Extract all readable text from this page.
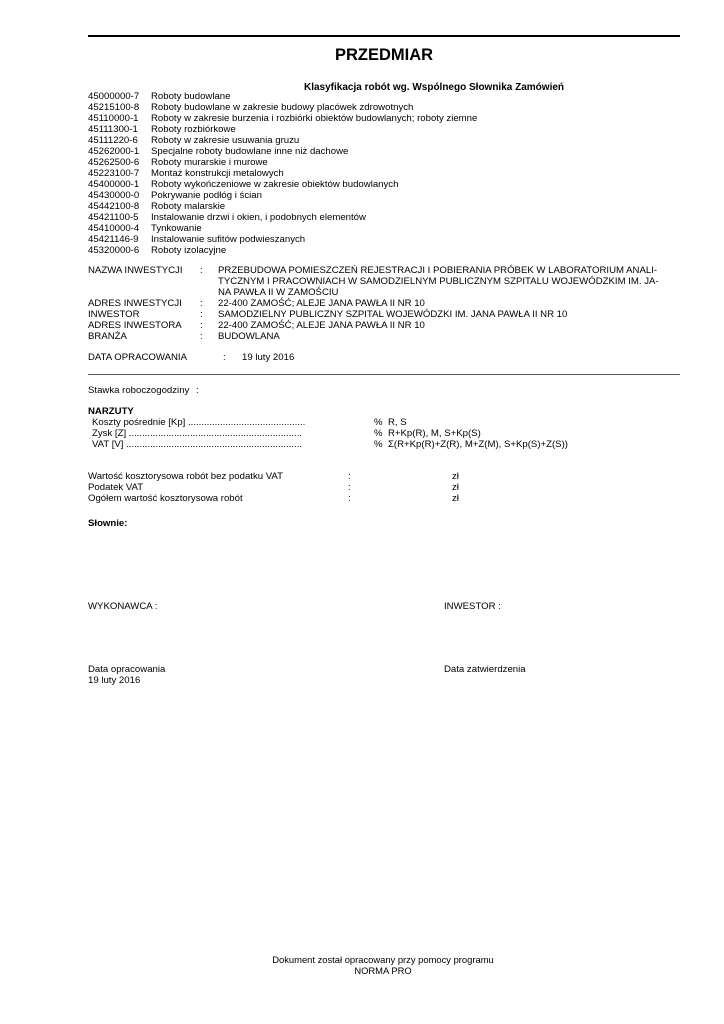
PRZEDMIAR
Klasyfikacja robót wg. Wspólnego Słownika Zamówień
45000000-7 Roboty budowlane
45215100-8 Roboty budowlane w zakresie budowy placówek zdrowotnych
45110000-1 Roboty w zakresie burzenia i rozbiórki obiektów budowlanych; roboty ziemne
45111300-1 Roboty rozbiórkowe
45111220-6 Roboty w zakresie usuwania gruzu
45262000-1 Specjalne roboty budowlane inne niż dachowe
45262500-6 Roboty murarskie i murowe
45223100-7 Montaż konstrukcji metalowych
45400000-1 Roboty wykończeniowe w zakresie obiektów budowlanych
45430000-0 Pokrywanie podłóg i ścian
45442100-8 Roboty malarskie
45421100-5 Instalowanie drzwi i okien, i podobnych elementów
45410000-4 Tynkowanie
45421146-9 Instalowanie sufitów podwieszanych
45320000-6 Roboty izolacyjne
NAZWA INWESTYCJI : PRZEBUDOWA POMIESZCZEŃ REJESTRACJI I POBIERANIA PRÓBEK W LABORATORIUM ANALI-
TYCZNYM I PRACOWNIACH W SAMODZIELNYM PUBLICZNYM SZPITALU WOJEWÓDZKIM IM. JA-
NA PAWŁA II W ZAMOŚCIU
ADRES INWESTYCJI : 22-400 ZAMOŚĆ; ALEJE JANA PAWŁA II NR 10
INWESTOR	: SAMODZIELNY PUBLICZNY SZPITAL WOJEWÓDZKI IM. JANA PAWŁA II NR 10
ADRES INWESTORA : 22-400 ZAMOŚĆ; ALEJE JANA PAWŁA II NR 10
BRANŻA	: BUDOWLANA
DATA OPRACOWANIA	: 19 luty 2016
Stawka roboczogodziny :
NARZUTY
Koszty pośrednie [Kp] ............................................	% R, S
Zysk [Z] .................................................................	% R+Kp(R), M, S+Kp(S)
VAT [V] ..................................................................	% Σ(R+Kp(R)+Z(R), M+Z(M), S+Kp(S)+Z(S))
Wartość kosztorysowa robót bez podatku VAT	:	zł
Podatek VAT	:	zł
Ogółem wartość kosztorysowa robót	:	zł
Słownie:
WYKONAWCA :	INWESTOR :
Data opracowania
19 luty 2016
Data zatwierdzenia
Dokument został opracowany przy pomocy programu
NORMA PRO
